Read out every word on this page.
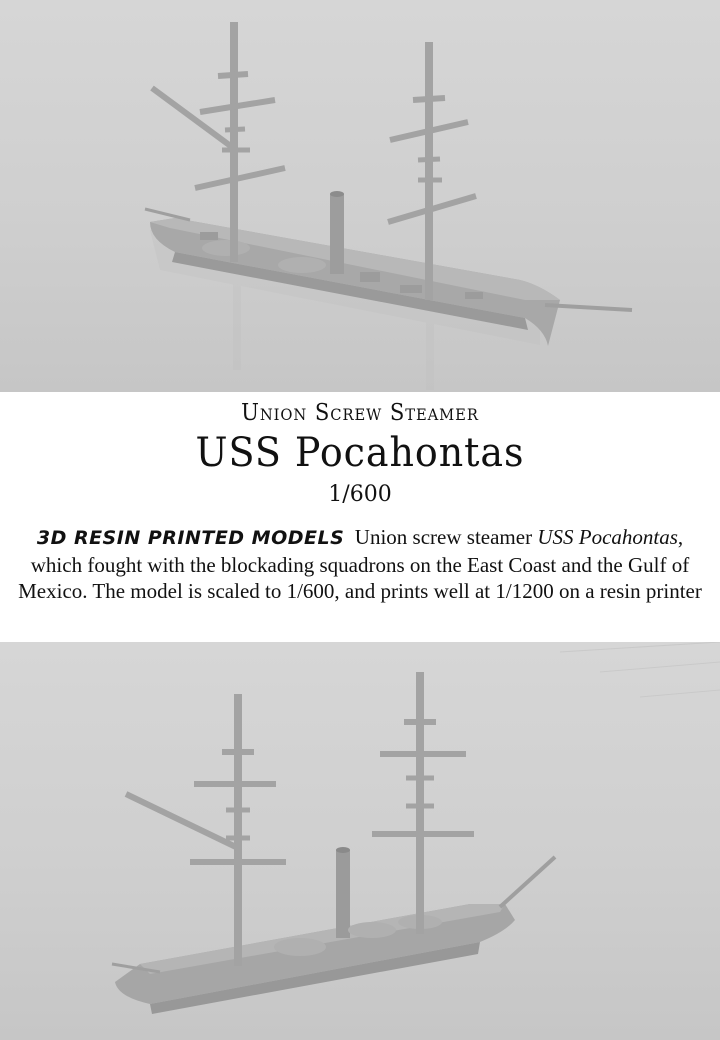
Union Screw Steamer
USS Pocahontas
1/600
3D RESIN PRINTED MODELS Union screw steamer USS Pocahontas, which fought with the blockading squadrons on the East Coast and the Gulf of Mexico. The model is scaled to 1/600, and prints well at 1/1200 on a resin printer
